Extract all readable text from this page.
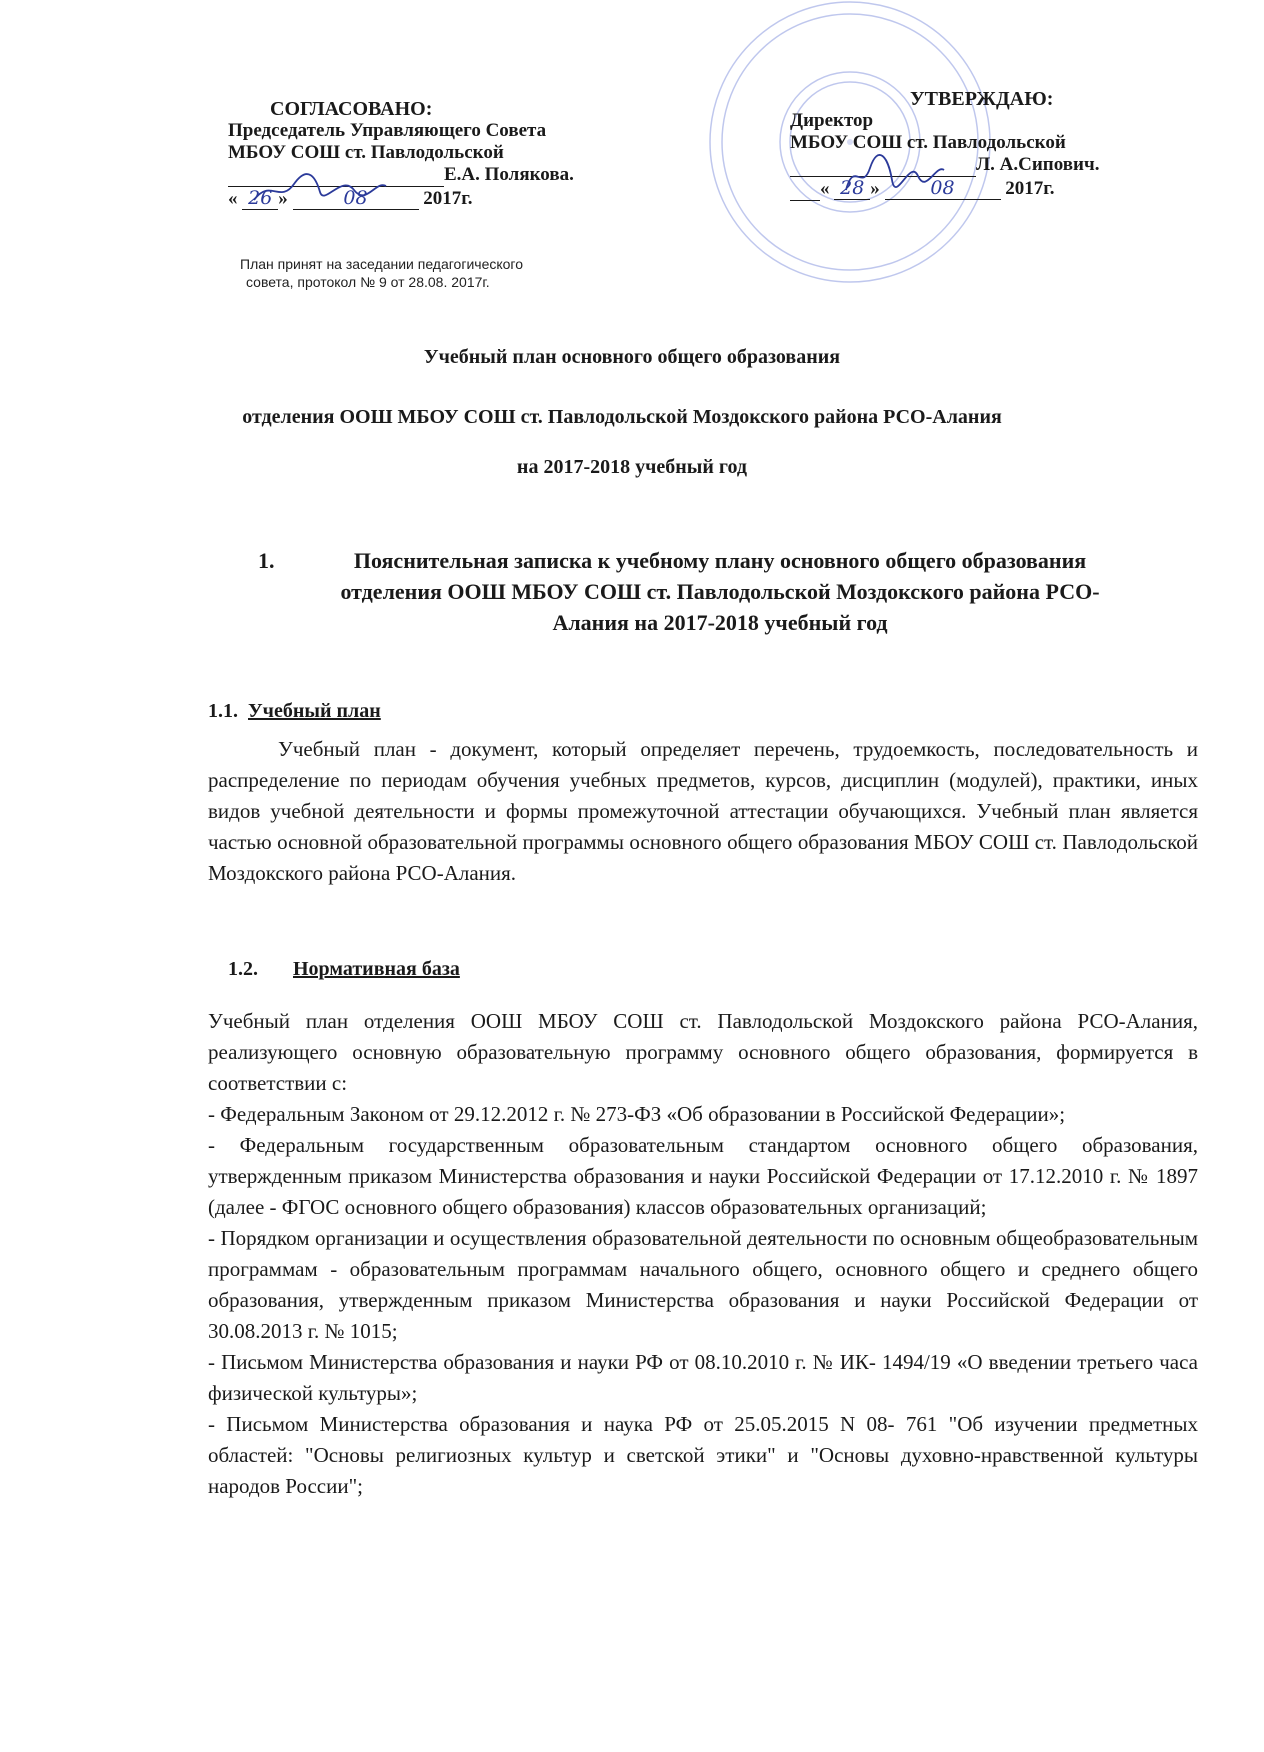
СОГЛАСОВАНО:
Председатель Управляющего Совета
МБОУ СОШ ст. Павлодольской
Е.А. Полякова.
« 26 »	08	2017г.
План принят на заседании педагогического
совета, протокол № 9 от 28.08. 2017г.
УТВЕРЖДАЮ:
Директор
МБОУ СОШ ст. Павлодольской
Л. А.Сипович.
« 28 »	08	2017г.
Учебный план основного общего образования
отделения ООШ МБОУ СОШ ст. Павлодольской Моздокского района РСО-Алания
на 2017-2018 учебный год
1.	Пояснительная записка к учебному плану основного общего образования
отделения ООШ МБОУ СОШ ст. Павлодольской Моздокского района РСО-
Алания на 2017-2018 учебный год
1.1. Учебный план

Учебный план - документ, который определяет перечень, трудоемкость, последовательность и распределение по периодам обучения учебных предметов, курсов, дисциплин (модулей), практики, иных видов учебной деятельности и формы промежуточной аттестации обучающихся. Учебный план является частью основной образовательной программы основного общего образования МБОУ СОШ ст. Павлодольской Моздокского района РСО-Алания.

1.2. Нормативная база

Учебный план отделения ООШ МБОУ СОШ ст. Павлодольской Моздокского района РСО-Алания, реализующего основную образовательную программу основного общего образования, формируется в соответствии с:

- Федеральным Законом от 29.12.2012 г. № 273-ФЗ «Об образовании в Российской Федерации»;

- Федеральным государственным образовательным стандартом основного общего образования, утвержденным приказом Министерства образования и науки Российской Федерации от 17.12.2010 г. № 1897 (далее - ФГОС основного общего образования) классов образовательных организаций;

- Порядком организации и осуществления образовательной деятельности по основным общеобразовательным программам - образовательным программам начального общего, основного общего и среднего общего образования, утвержденным приказом Министерства образования и науки Российской Федерации от 30.08.2013 г. № 1015;

- Письмом Министерства образования и науки РФ от 08.10.2010 г. № ИК- 1494/19 «О введении третьего часа физической культуры»;

- Письмом Министерства образования и наука РФ от 25.05.2015 N 08- 761 "Об изучении предметных областей: "Основы религиозных культур и светской этики" и "Основы духовно-нравственной культуры народов России";
